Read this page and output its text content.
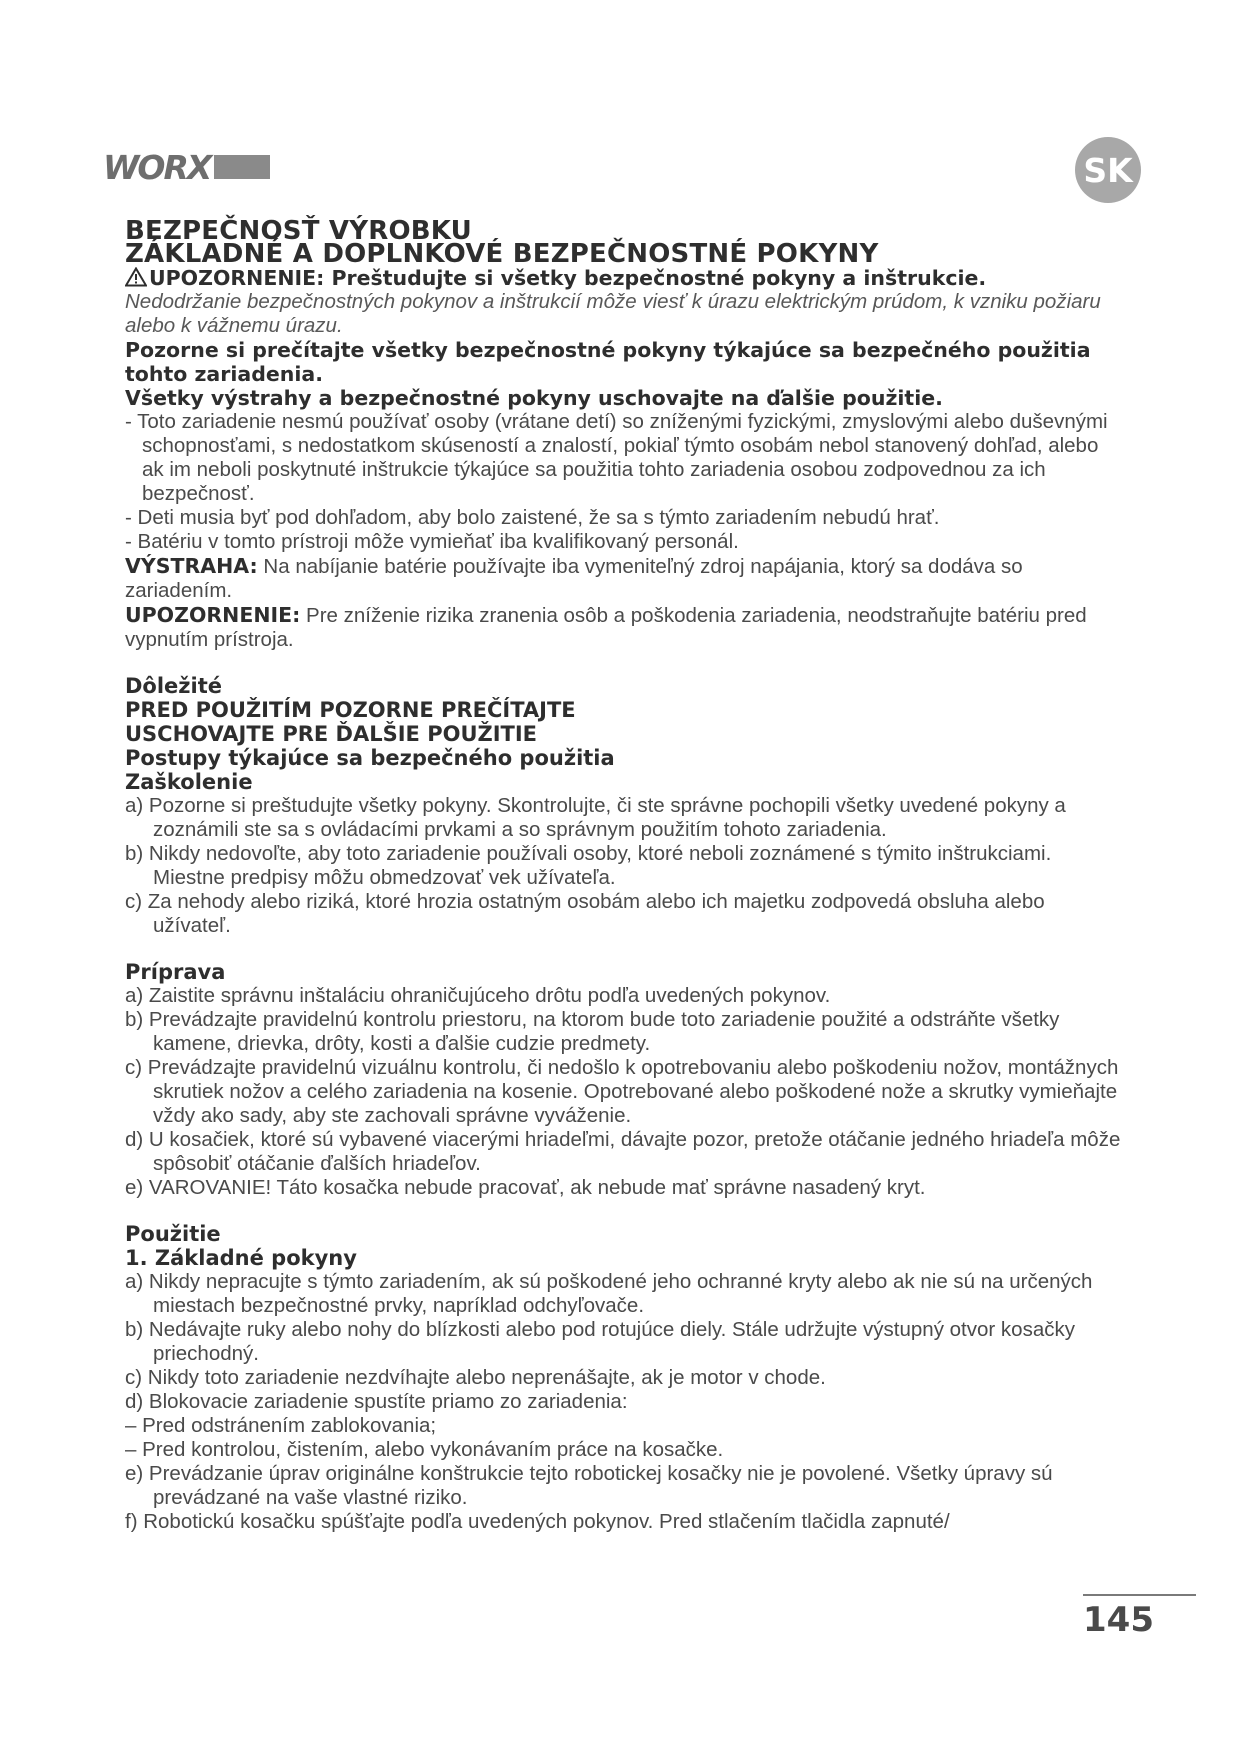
WORX	SK
BEZPEČNOSŤ VÝROBKU
ZÁKLADNÉ A DOPLNKOVÉ BEZPEČNOSTNÉ POKYNY
UPOZORNENIE: Preštudujte si všetky bezpečnostné pokyny a inštrukcie.
Nedodržanie bezpečnostných pokynov a inštrukcií môže viesť k úrazu elektrickým prúdom, k vzniku požiaru alebo k vážnemu úrazu.
Pozorne si prečítajte všetky bezpečnostné pokyny týkajúce sa bezpečného použitia tohto zariadenia.
Všetky výstrahy a bezpečnostné pokyny uschovajte na ďalšie použitie.
- Toto zariadenie nesmú používať osoby (vrátane detí) so zníženými fyzickými, zmyslovými alebo duševnými schopnosťami, s nedostatkom skúseností a znalostí, pokiaľ týmto osobám nebol stanovený dohľad, alebo ak im neboli poskytnuté inštrukcie týkajúce sa použitia tohto zariadenia osobou zodpovednou za ich bezpečnosť.
- Deti musia byť pod dohľadom, aby bolo zaistené, že sa s týmto zariadením nebudú hrať.
- Batériu v tomto prístroji môže vymieňať iba kvalifikovaný personál.
VÝSTRAHA: Na nabíjanie batérie používajte iba vymeniteľný zdroj napájania, ktorý sa dodáva so zariadením.
UPOZORNENIE: Pre zníženie rizika zranenia osôb a poškodenia zariadenia, neodstraňujte batériu pred vypnutím prístroja.
Dôležité
PRED POUŽITÍM POZORNE PREČÍTAJTE
USCHOVAJTE PRE ĎALŠIE POUŽITIE
Postupy týkajúce sa bezpečného použitia
Zaškolenie
a) Pozorne si preštudujte všetky pokyny. Skontrolujte, či ste správne pochopili všetky uvedené pokyny a zoznámili ste sa s ovládacími prvkami a so správnym použitím tohoto zariadenia.
b) Nikdy nedovoľte, aby toto zariadenie používali osoby, ktoré neboli zoznámené s týmito inštrukciami. Miestne predpisy môžu obmedzovať vek užívateľa.
c) Za nehody alebo riziká, ktoré hrozia ostatným osobám alebo ich majetku zodpovedá obsluha alebo užívateľ.
Príprava
a) Zaistite správnu inštaláciu ohraničujúceho drôtu podľa uvedených pokynov.
b) Prevádzajte pravidelnú kontrolu priestoru, na ktorom bude toto zariadenie použité a odstráňte všetky kamene, drievka, drôty, kosti a ďalšie cudzie predmety.
c) Prevádzajte pravidelnú vizuálnu kontrolu, či nedošlo k opotrebovaniu alebo poškodeniu nožov, montážnych skrutiek nožov a celého zariadenia na kosenie. Opotrebované alebo poškodené nože a skrutky vymieňajte vždy ako sady, aby ste zachovali správne vyváženie.
d) U kosačiek, ktoré sú vybavené viacerými hriadeľmi, dávajte pozor, pretože otáčanie jedného hriadeľa môže spôsobiť otáčanie ďalších hriadeľov.
e) VAROVANIE! Táto kosačka nebude pracovať, ak nebude mať správne nasadený kryt.
Použitie
1. Základné pokyny
a) Nikdy nepracujte s týmto zariadením, ak sú poškodené jeho ochranné kryty alebo ak nie sú na určených miestach bezpečnostné prvky, napríklad odchyľovače.
b) Nedávajte ruky alebo nohy do blízkosti alebo pod rotujúce diely. Stále udržujte výstupný otvor kosačky priechodný.
c) Nikdy toto zariadenie nezdvíhajte alebo neprenášajte, ak je motor v chode.
d) Blokovacie zariadenie spustíte priamo zo zariadenia:
– Pred odstránením zablokovania;
– Pred kontrolou, čistením, alebo vykonávaním práce na kosačke.
e) Prevádzanie úprav originálne konštrukcie tejto robotickej kosačky nie je povolené. Všetky úpravy sú prevádzané na vaše vlastné riziko.
f) Robotickú kosačku spúšťajte podľa uvedených pokynov. Pred stlačením tlačidla zapnuté/
145
